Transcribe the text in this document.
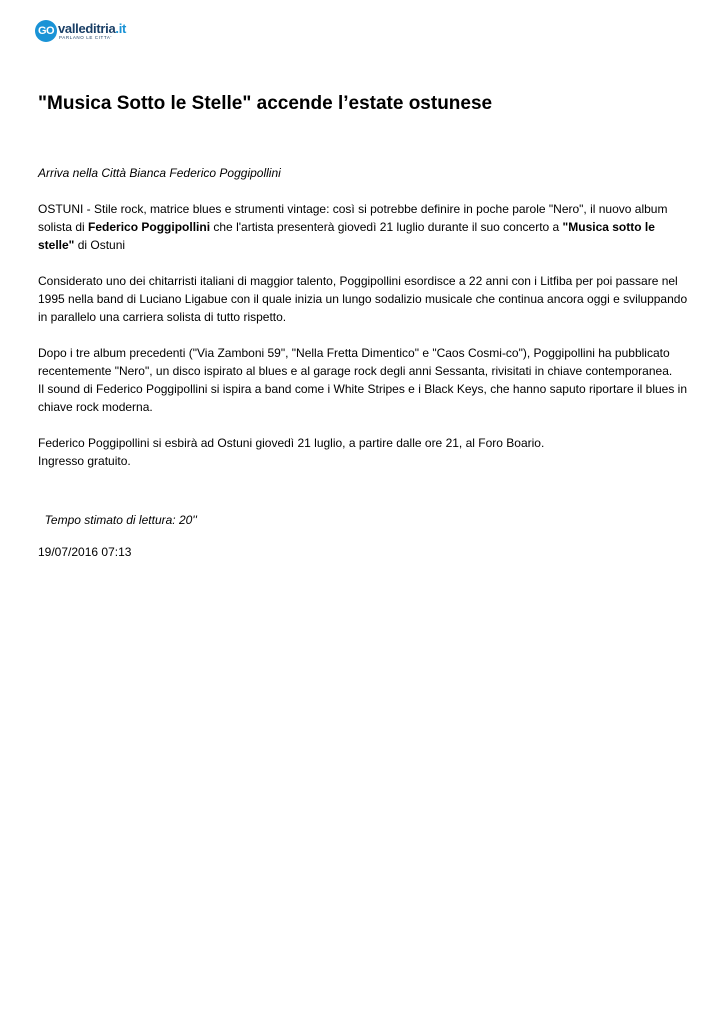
GO valleditria.it
PARLANO LE CITTA'
"Musica Sotto le Stelle" accende l’estate ostunese

Arriva nella Città Bianca Federico Poggipollini

OSTUNI - Stile rock, matrice blues e strumenti vintage: così si potrebbe definire in poche parole "Nero", il nuovo album solista di Federico Poggipollini che l'artista presenterà giovedì 21 luglio durante il suo concerto a "Musica sotto le stelle" di Ostuni

Considerato uno dei chitarristi italiani di maggior talento, Poggipollini esordisce a 22 anni con i Litfiba per poi passare nel 1995 nella band di Luciano Ligabue con il quale inizia un lungo sodalizio musicale che continua ancora oggi e sviluppando in parallelo una carriera solista di tutto rispetto.

Dopo i tre album precedenti ("Via Zamboni 59", "Nella Fretta Dimentico" e "Caos Cosmi-co"), Poggipollini ha pubblicato recentemente "Nero", un disco ispirato al blues e al garage rock degli anni Sessanta, rivisitati in chiave contemporanea.

Il sound di Federico Poggipollini si ispira a band come i White Stripes e i Black Keys, che hanno saputo riportare il blues in chiave rock moderna.

Federico Poggipollini si esbirà ad Ostuni giovedì 21 luglio, a partire dalle ore 21, al Foro Boario.

Ingresso gratuito.

Tempo stimato di lettura: 20''
19/07/2016 07:13
